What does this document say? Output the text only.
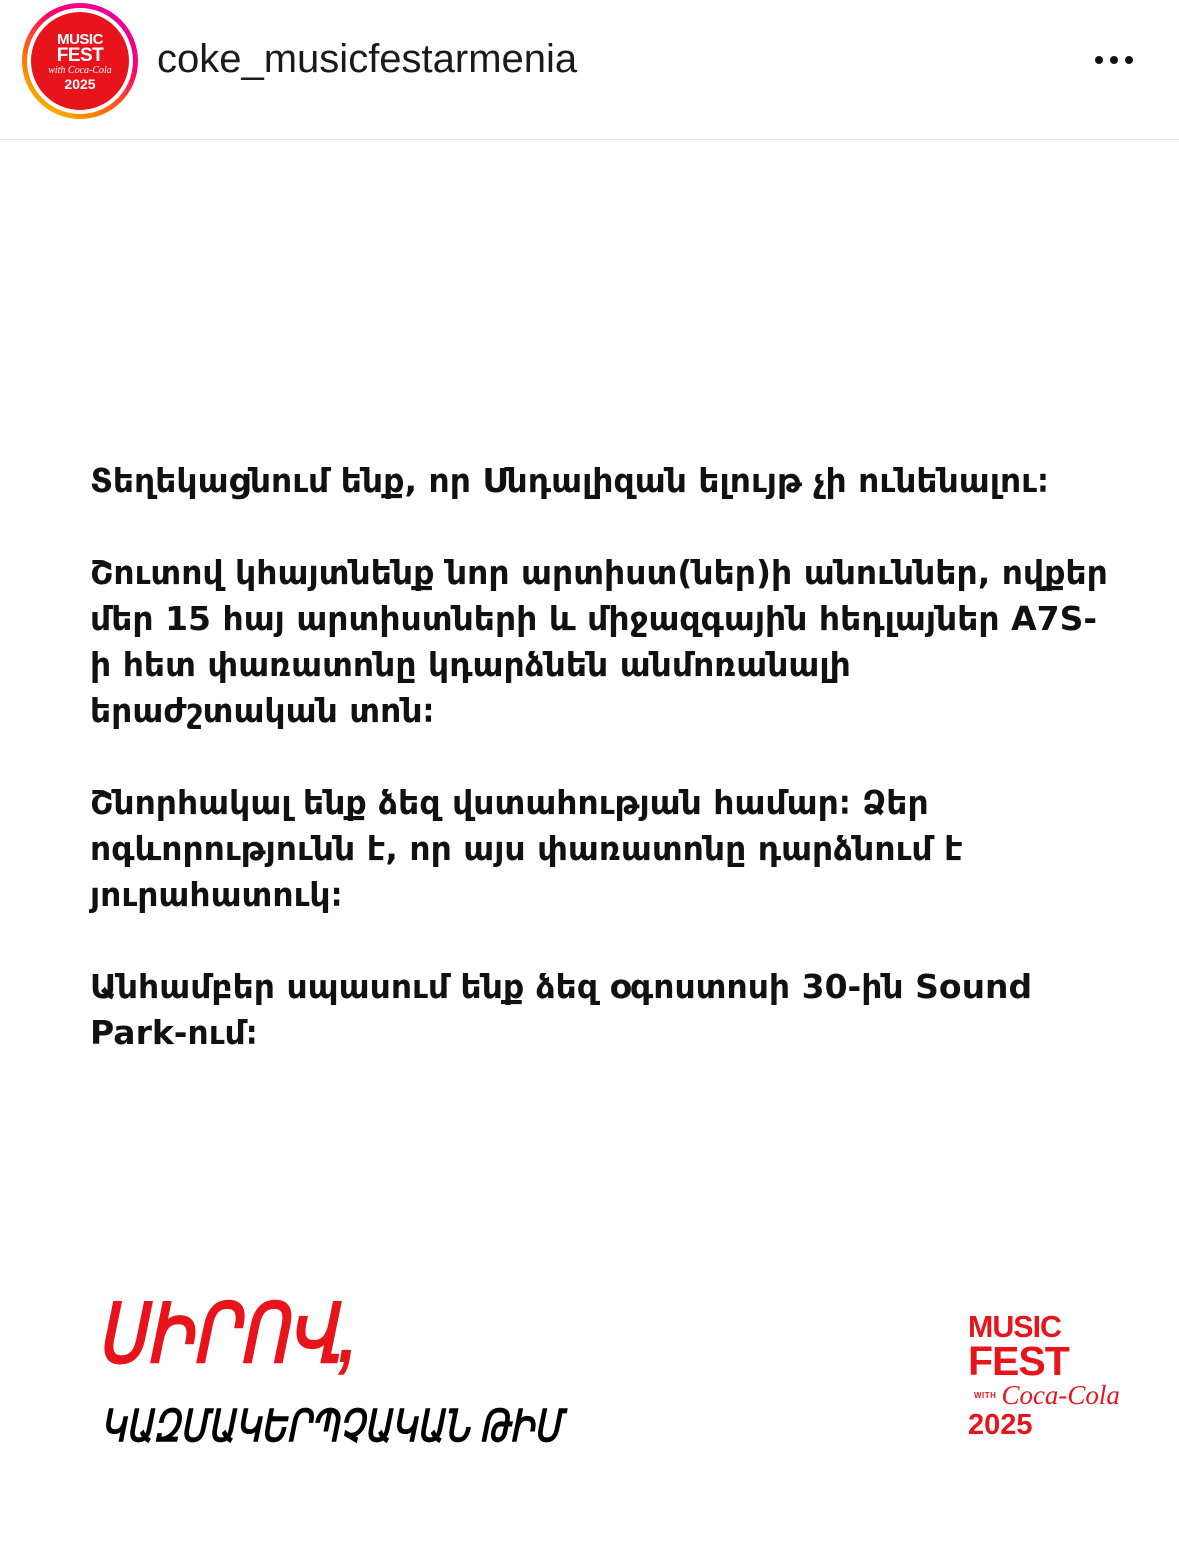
MUSIC
FEST
with Coca-Cola
2025
coke_musicfestarmenia

Տեղեկացնում ենք, որ Սնդալիզան ելույթ չի ունենալու։

Շուտով կհայտնենք նոր արտիստ(ներ)ի անուններ, ովքեր մեր 15 հայ արտիստների և միջազգային հեդլայներ A7S- ի հետ փառատոնը կդարձնեն անմոռանալի երաժշտական տոն։

Շնորհակալ ենք ձեզ վստահության համար։ Ձեր ոգևորությունն է, որ այս փառատոնը դարձնում է յուրահատուկ։

Անհամբեր սպասում ենք ձեզ օգոստոսի 30-ին Sound Park-ում։

ՍԻՐՈՎ,
ԿԱԶՄԱԿԵՐՊՉԱԿԱՆ ԹԻՄ
MUSIC
FEST
WITH Coca-Cola
2025
